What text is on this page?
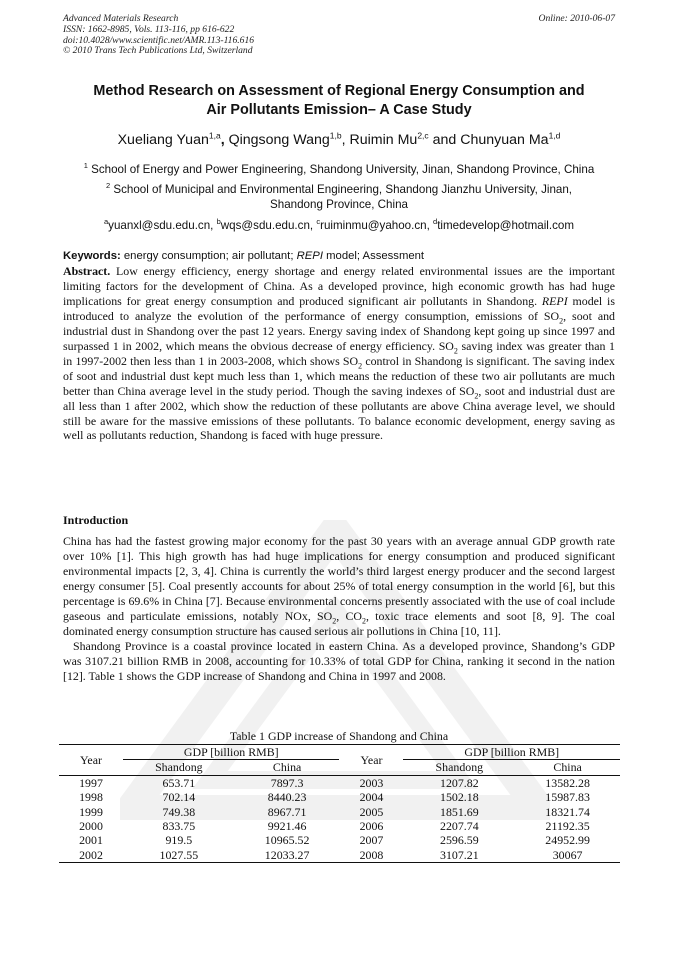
Advanced Materials Research
ISSN: 1662-8985, Vols. 113-116, pp 616-622
doi:10.4028/www.scientific.net/AMR.113-116.616
© 2010 Trans Tech Publications Ltd, Switzerland
Online: 2010-06-07
Method Research on Assessment of Regional Energy Consumption and
Air Pollutants Emission– A Case Study
Xueliang Yuan$^{1,a}$, Qingsong Wang$^{1,b}$, Ruimin Mu$^{2,c}$ and Chunyuan Ma$^{1,d}$
$^1$ School of Energy and Power Engineering, Shandong University, Jinan, Shandong Province, China
$^2$ School of Municipal and Environmental Engineering, Shandong Jianzhu University, Jinan,
Shandong Province, China
$^a$yuanxl@sdu.edu.cn, $^b$wqs@sdu.edu.cn, $^c$ruiminmu@yahoo.cn, $^d$timedevelop@hotmail.com
Keywords: energy consumption; air pollutant; REPI model; Assessment
Abstract. Low energy efficiency, energy shortage and energy related environmental issues are the important limiting factors for the development of China. As a developed province, high economic growth has had huge implications for great energy consumption and produced significant air pollutants in Shandong. REPI model is introduced to analyze the evolution of the performance of energy consumption, emissions of $SO_2$, soot and industrial dust in Shandong over the past 12 years. Energy saving index of Shandong kept going up since 1997 and surpassed 1 in 2002, which means the obvious decrease of energy efficiency. $SO_2$ saving index was greater than 1 in 1997-2002 then less than 1 in 2003-2008, which shows $SO_2$ control in Shandong is significant. The saving index of soot and industrial dust kept much less than 1, which means the reduction of these two air pollutants are much better than China average level in the study period. Though the saving indexes of $SO_2$, soot and industrial dust are all less than 1 after 2002, which show the reduction of these pollutants are above China average level, we should still be aware for the massive emissions of these pollutants. To balance economic development, energy saving as well as pollutants reduction, Shandong is faced with huge pressure.
Introduction

China has had the fastest growing major economy for the past 30 years with an average annual GDP growth rate over 10% [1]. This high growth has had huge implications for energy consumption and produced significant environmental impacts [2, 3, 4]. China is currently the world’s third largest energy producer and the second largest energy consumer [5]. Coal presently accounts for about 25% of total energy consumption in the world [6], but this percentage is 69.6% in China [7]. Because environmental concerns presently associated with the use of coal include gaseous and particulate emissions, notably NOx, $SO_2$, $CO_2$, toxic trace elements and soot [8, 9]. The coal dominated energy consumption structure has caused serious air pollutions in China [10, 11].

Shandong Province is a coastal province located in eastern China. As a developed province, Shandong’s GDP was 3107.21 billion RMB in 2008, accounting for 10.33% of total GDP for China, ranking it second in the nation [12]. Table 1 shows the GDP increase of Shandong and China in 1997 and 2008.

Table 1 GDP increase of Shandong and China
Year	GDP [billion RMB]		Year	GDP [billion RMB]	
	Shandong	China		Shandong	China
1997	653.71	7897.3	2003	1207.82	13582.28
1998	702.14	8440.23	2004	1502.18	15987.83
1999	749.38	8967.71	2005	1851.69	18321.74
2000	833.75	9921.46	2006	2207.74	21192.35
2001	919.5	10965.52	2007	2596.59	24952.99
2002	1027.55	12033.27	2008	3107.21	30067
